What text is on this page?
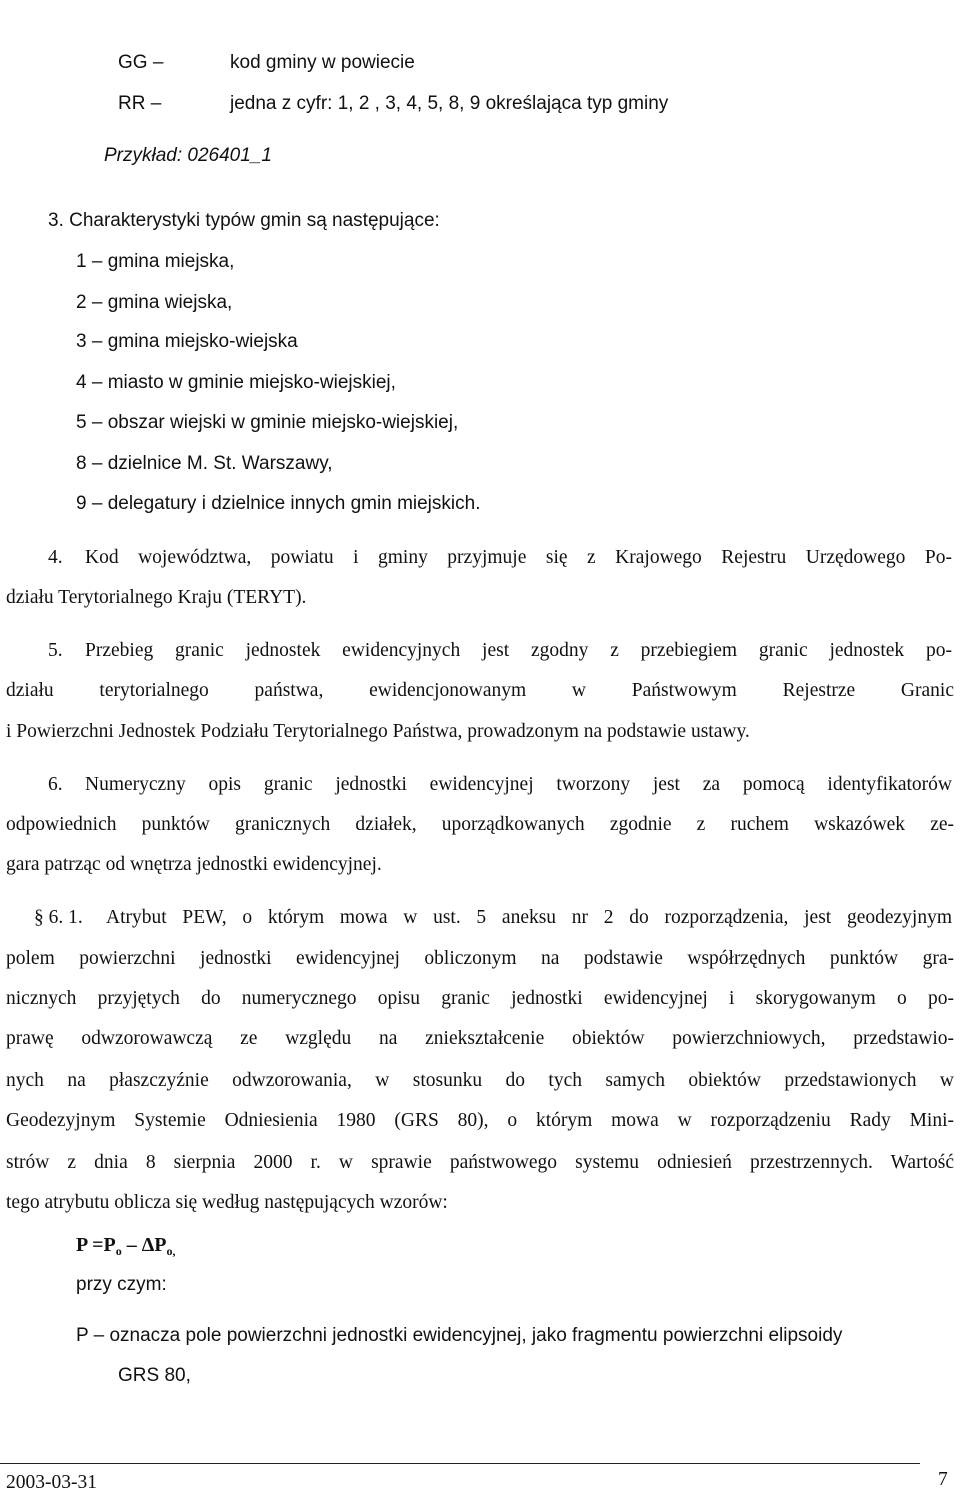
GG –	kod gminy w powiecie
RR –	jedna z cyfr: 1, 2 , 3, 4, 5, 8, 9 określająca typ gminy
Przykład: 026401_1
3. Charakterystyki typów gmin są następujące:
1 – gmina miejska,
2 – gmina wiejska,
3 – gmina miejsko-wiejska
4 – miasto w gminie miejsko-wiejskiej,
5 – obszar wiejski w gminie miejsko-wiejskiej,
8 – dzielnice M. St. Warszawy,
9 – delegatury i dzielnice innych gmin miejskich.
4. Kod województwa, powiatu i gminy przyjmuje się z Krajowego Rejestru Urzędowego Po-
działu Terytorialnego Kraju (TERYT).
5. Przebieg granic jednostek ewidencyjnych jest zgodny z przebiegiem granic jednostek po-
działu terytorialnego państwa, ewidencjonowanym w Państwowym Rejestrze Granic
i Powierzchni Jednostek Podziału Terytorialnego Państwa, prowadzonym na podstawie ustawy.
6. Numeryczny opis granic jednostki ewidencyjnej tworzony jest za pomocą identyfikatorów
odpowiednich punktów granicznych działek, uporządkowanych zgodnie z ruchem wskazówek ze-
gara patrząc od wnętrza jednostki ewidencyjnej.
§ 6. 1. Atrybut PEW, o którym mowa w ust. 5 aneksu nr 2 do rozporządzenia, jest geodezyjnym
polem powierzchni jednostki ewidencyjnej obliczonym na podstawie współrzędnych punktów gra-
nicznych przyjętych do numerycznego opisu granic jednostki ewidencyjnej i skorygowanym o po-
prawę odwzorowawczą ze względu na zniekształcenie obiektów powierzchniowych, przedstawio-
nych na płaszczyźnie odwzorowania, w stosunku do tych samych obiektów przedstawionych w
Geodezyjnym Systemie Odniesienia 1980 (GRS 80), o którym mowa w rozporządzeniu Rady Mini-
strów z dnia 8 sierpnia 2000 r. w sprawie państwowego systemu odniesień przestrzennych. Wartość
tego atrybutu oblicza się według następujących wzorów:
$P =P_o - \Delta P_{o,}$
przy czym:
P – oznacza pole powierzchni jednostki ewidencyjnej, jako fragmentu powierzchni elipsoidy
GRS 80,
2003-03-31	7
